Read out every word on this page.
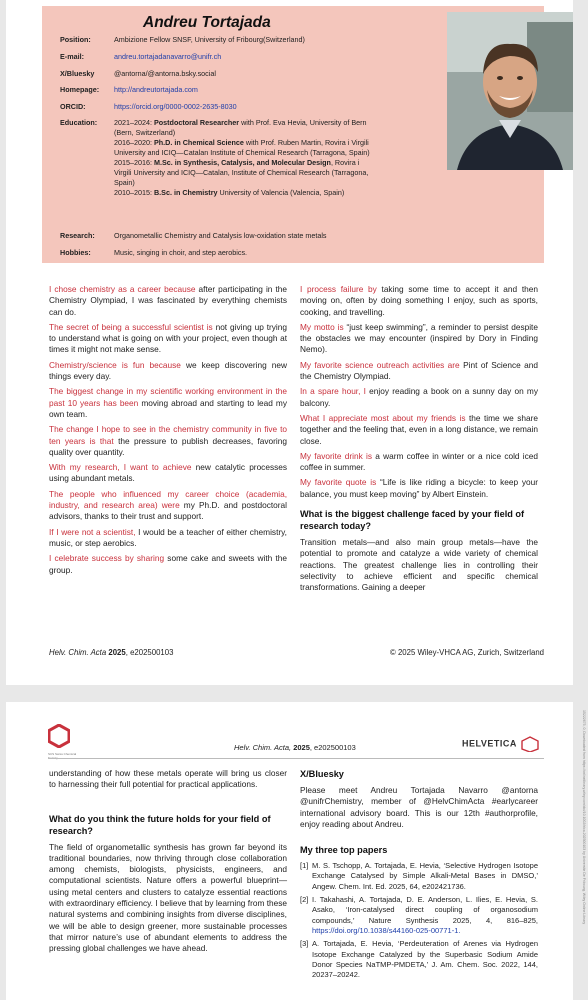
Andreu Tortajada
Position:	Ambizione Fellow SNSF, University of Fribourg(Switzerland)
E-mail:	andreu.tortajadanavarro@unifr.ch
X/Bluesky	@antorna/@antorna.bsky.social
Homepage:	http://andreutortajada.com
ORCID:	https://orcid.org/0000-0002-2635-8030
Education:	2021–2024: Postdoctoral Researcher with Prof. Eva Hevia, University of Bern (Bern, Switzerland)
2016–2020: Ph.D. in Chemical Science with Prof. Ruben Martin, Rovira i Virgili University and ICIQ—Catalan Institute of Chemical Research (Tarragona, Spain)
2015–2016: M.Sc. in Synthesis, Catalysis, and Molecular Design, Rovira i Virgili University and ICIQ—Catalan, Institute of Chemical Research (Tarragona, Spain)
2010–2015: B.Sc. in Chemistry University of Valencia (Valencia, Spain)
Research:	Organometallic Chemistry and Catalysis low-oxidation state metals
Hobbies:	Music, singing in choir, and step aerobics.

I chose chemistry as a career because after participating in the Chemistry Olympiad, I was fascinated by everything chemists can do.

The secret of being a successful scientist is not giving up trying to understand what is going on with your project, even though at times it might not make sense.

Chemistry/science is fun because we keep discovering new things every day.

The biggest change in my scientific working environment in the past 10 years has been moving abroad and starting to lead my own team.

The change I hope to see in the chemistry community in five to ten years is that the pressure to publish decreases, favoring quality over quantity.

With my research, I want to achieve new catalytic processes using abundant metals.

The people who influenced my career choice (academia, industry, and research area) were my Ph.D. and postdoctoral advisors, thanks to their trust and support.

If I were not a scientist, I would be a teacher of either chemistry, music, or step aerobics.

I celebrate success by sharing some cake and sweets with the group.

I process failure by taking some time to accept it and then moving on, often by doing something I enjoy, such as sports, cooking, and travelling.

My motto is “just keep swimming”, a reminder to persist despite the obstacles we may encounter (inspired by Dory in Finding Nemo).

My favorite science outreach activities are Pint of Science and the Chemistry Olympiad.

In a spare hour, I enjoy reading a book on a sunny day on my balcony.

What I appreciate most about my friends is the time we share together and the feeling that, even in a long distance, we remain close.

My favorite drink is a warm coffee in winter or a nice cold iced coffee in summer.

My favorite quote is “Life is like riding a bicycle: to keep your balance, you must keep moving” by Albert Einstein.

What is the biggest challenge faced by your field of research today?

Transition metals—and also main group metals—have the potential to promote and catalyze a wide variety of chemical reactions. The greatest challenge lies in controlling their selectivity to achieve efficient and specific chemical transformations. Gaining a deeper

Helv. Chim. Acta 2025, e202500103	© 2025 Wiley-VHCA AG, Zurich, Switzerland
SCS Swiss Chemical
Helv. Chim. Acta, 2025, e202500103	HELVETICA

understanding of how these metals operate will bring us closer to harnessing their full potential for practical applications.

What do you think the future holds for your field of research?

The field of organometallic synthesis has grown far beyond its traditional boundaries, now thriving through close collaboration among chemists, biologists, physicists, engineers, and computational scientists. Nature offers a powerful blueprint—using metal centers and clusters to catalyze essential reactions with extraordinary efficiency. I believe that by learning from these natural systems and combining insights from diverse disciplines, we will be able to design greener, more sustainable processes that mirror nature’s use of abundant elements to address the pressing global challenges we have ahead.

X/Bluesky

Please meet Andreu Tortajada Navarro @antorna @unifrChemistry, member of @HelvChimActa #earlycareer international advisory board. This is our 12th #authorprofile, enjoy reading about Andreu.

My three top papers

[1] M. S. Tschopp, A. Tortajada, E. Hevia, ‘Selective Hydrogen Isotope Exchange Catalysed by Simple Alkali-Metal Bases in DMSO,’ Angew. Chem. Int. Ed. 2025, 64, e202421736.
[2] I. Takahashi, A. Tortajada, D. E. Anderson, L. Ilies, E. Hevia, S. Asako, ‘Iron-catalysed direct coupling of organosodium compounds,’ Nature Synthesis 2025, 4, 816–825, https://doi.org/10.1038/s44160-025-00771-1.
[3] A. Tortajada, E. Hevia, ‘Perdeuteration of Arenes via Hydrogen Isotope Exchange Catalyzed by the Superbasic Sodium Amide Donor Species NaTMP-PMDETA,’ J. Am. Chem. Soc. 2022, 144, 20237–20242.
15222675, 0, Downloaded from https://onlinelibrary.wiley.com/doi/10.1002/hlca.202500103 by Universite De Fribourg, Wiley Online Library
